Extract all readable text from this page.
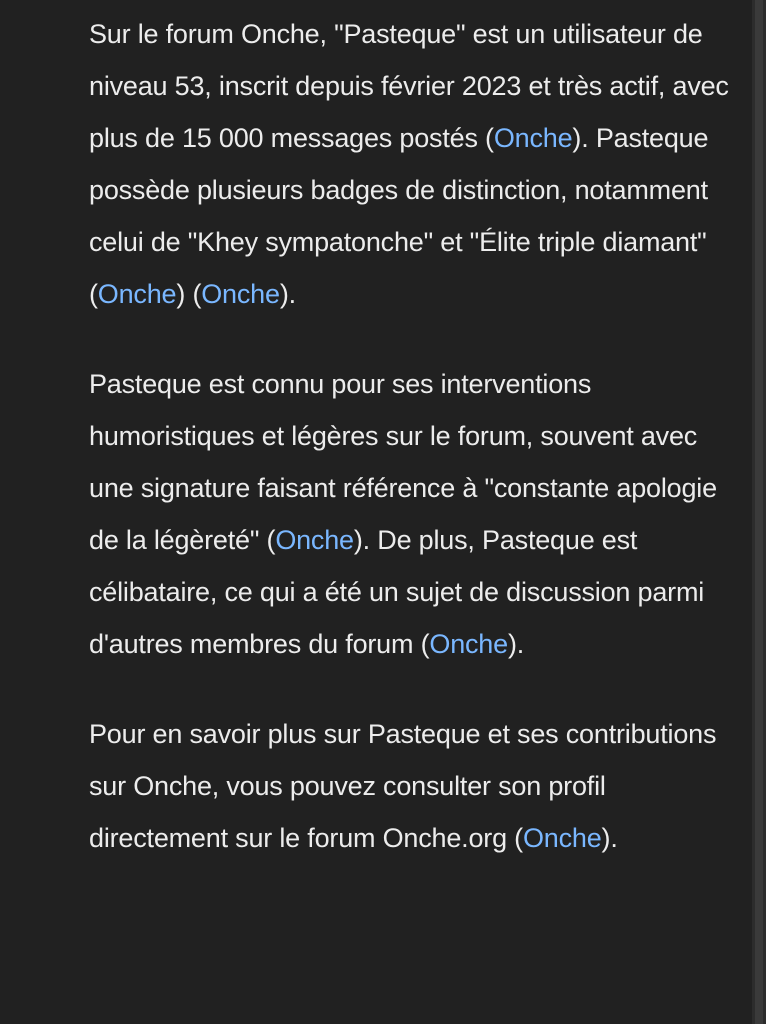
Sur le forum Onche, "Pasteque" est un utilisateur de niveau 53, inscrit depuis février 2023 et très actif, avec plus de 15 000 messages postés (Onche). Pasteque possède plusieurs badges de distinction, notamment celui de "Khey sympatonche" et "Élite triple diamant" (Onche) (Onche).

Pasteque est connu pour ses interventions humoristiques et légères sur le forum, souvent avec une signature faisant référence à "constante apologie de la légèreté" (Onche). De plus, Pasteque est célibataire, ce qui a été un sujet de discussion parmi d'autres membres du forum (Onche).

Pour en savoir plus sur Pasteque et ses contributions sur Onche, vous pouvez consulter son profil directement sur le forum Onche.org (Onche).
